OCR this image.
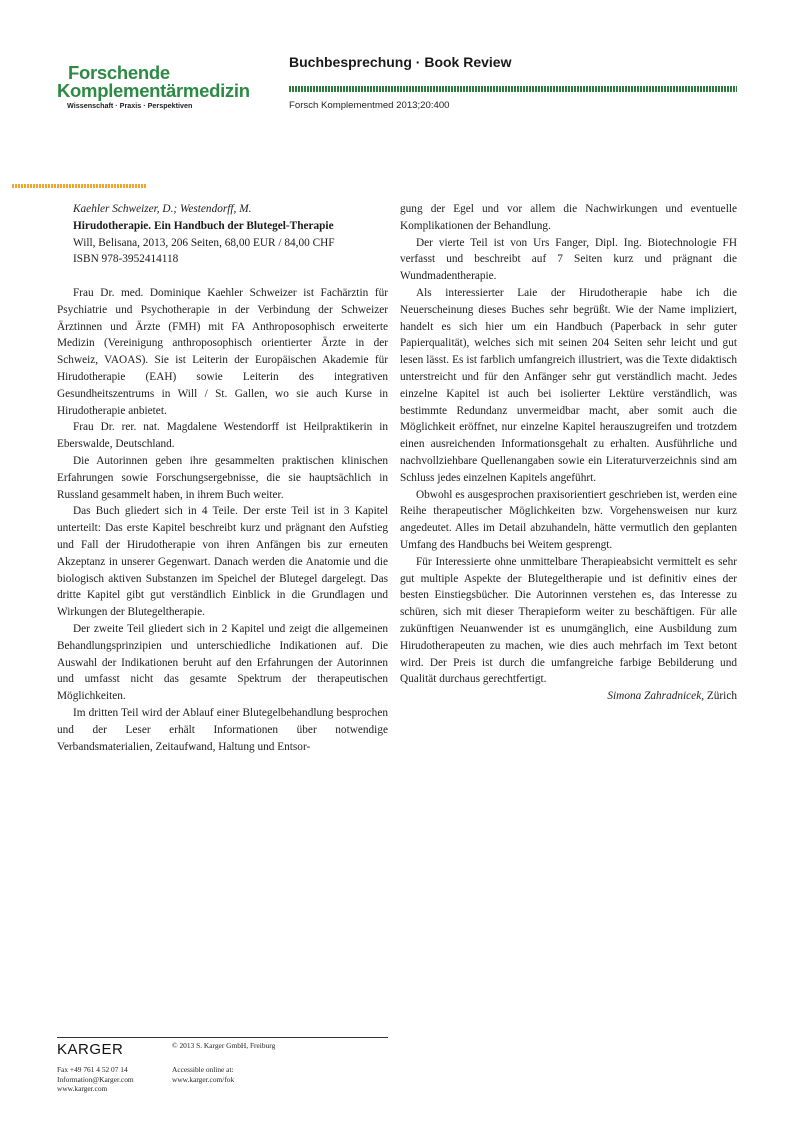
Forschende
Komplementärmedizin
Wissenschaft · Praxis · Perspektiven
Buchbesprechung · Book Review
Forsch Komplementmed 2013;20:400
Kaehler Schweizer, D.; Westendorff, M.
Hirudotherapie. Ein Handbuch der Blutegel-Therapie
Will, Belisana, 2013, 206 Seiten, 68,00 EUR / 84,00 CHF
ISBN 978-3952414118

Frau Dr. med. Dominique Kaehler Schweizer ist Fachärztin für Psychiatrie und Psychotherapie in der Verbindung der Schweizer Ärztinnen und Ärzte (FMH) mit FA Anthroposophisch erweiterte Medizin (Vereinigung anthroposophisch orientierter Ärzte in der Schweiz, VAOAS). Sie ist Leiterin der Europäischen Akademie für Hirudotherapie (EAH) sowie Leiterin des integrativen Gesundheitszentrums in Will / St. Gallen, wo sie auch Kurse in Hirudotherapie anbietet.

Frau Dr. rer. nat. Magdalene Westendorff ist Heilpraktikerin in Eberswalde, Deutschland.

Die Autorinnen geben ihre gesammelten praktischen klinischen Erfahrungen sowie Forschungsergebnisse, die sie hauptsächlich in Russland gesammelt haben, in ihrem Buch weiter.

Das Buch gliedert sich in 4 Teile. Der erste Teil ist in 3 Kapitel unterteilt: Das erste Kapitel beschreibt kurz und prägnant den Aufstieg und Fall der Hirudotherapie von ihren Anfängen bis zur erneuten Akzeptanz in unserer Gegenwart. Danach werden die Anatomie und die biologisch aktiven Substanzen im Speichel der Blutegel dargelegt. Das dritte Kapitel gibt gut verständlich Einblick in die Grundlagen und Wirkungen der Blutegeltherapie.

Der zweite Teil gliedert sich in 2 Kapitel und zeigt die allgemeinen Behandlungsprinzipien und unterschiedliche Indikationen auf. Die Auswahl der Indikationen beruht auf den Erfahrungen der Autorinnen und umfasst nicht das gesamte Spektrum der therapeutischen Möglichkeiten.

Im dritten Teil wird der Ablauf einer Blutegelbehandlung besprochen und der Leser erhält Informationen über notwendige Verbandsmaterialien, Zeitaufwand, Haltung und Entsor-

gung der Egel und vor allem die Nachwirkungen und eventuelle Komplikationen der Behandlung.

Der vierte Teil ist von Urs Fanger, Dipl. Ing. Biotechnologie FH verfasst und beschreibt auf 7 Seiten kurz und prägnant die Wundmadentherapie.

Als interessierter Laie der Hirudotherapie habe ich die Neuerscheinung dieses Buches sehr begrüßt. Wie der Name impliziert, handelt es sich hier um ein Handbuch (Paperback in sehr guter Papierqualität), welches sich mit seinen 204 Seiten sehr leicht und gut lesen lässt. Es ist farblich umfangreich illustriert, was die Texte didaktisch unterstreicht und für den Anfänger sehr gut verständlich macht. Jedes einzelne Kapitel ist auch bei isolierter Lektüre verständlich, was bestimmte Redundanz unvermeidbar macht, aber somit auch die Möglichkeit eröffnet, nur einzelne Kapitel herauszugreifen und trotzdem einen ausreichenden Informationsgehalt zu erhalten. Ausführliche und nachvollziehbare Quellenangaben sowie ein Literaturverzeichnis sind am Schluss jedes einzelnen Kapitels angeführt.

Obwohl es ausgesprochen praxisorientiert geschrieben ist, werden eine Reihe therapeutischer Möglichkeiten bzw. Vorgehensweisen nur kurz angedeutet. Alles im Detail abzuhandeln, hätte vermutlich den geplanten Umfang des Handbuchs bei Weitem gesprengt.

Für Interessierte ohne unmittelbare Therapieabsicht vermittelt es sehr gut multiple Aspekte der Blutegeltherapie und ist definitiv eines der besten Einstiegsbücher. Die Autorinnen verstehen es, das Interesse zu schüren, sich mit dieser Therapieform weiter zu beschäftigen. Für alle zukünftigen Neuanwender ist es unumgänglich, eine Ausbildung zum Hirudotherapeuten zu machen, wie dies auch mehrfach im Text betont wird. Der Preis ist durch die umfangreiche farbige Bebilderung und Qualität durchaus gerechtfertigt.

Simona Zahradnicek, Zürich
KARGER	© 2013 S. Karger GmbH, Freiburg
Fax +49 761 4 52 07 14
Information@Karger.com
www.karger.com
Accessible online at:
www.karger.com/fok
